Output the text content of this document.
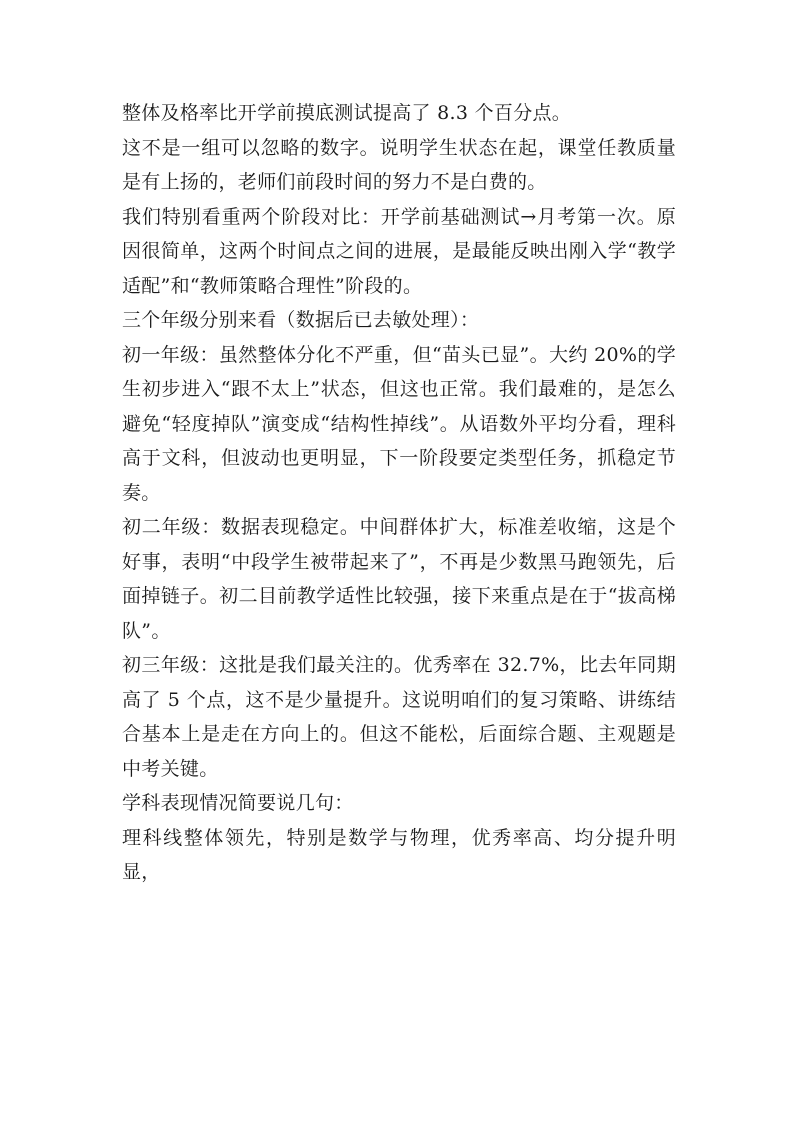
整体及格率比开学前摸底测试提高了 8.3 个百分点。

这不是一组可以忽略的数字。说明学生状态在起，课堂任教质量是有上扬的，老师们前段时间的努力不是白费的。

我们特别看重两个阶段对比：开学前基础测试→月考第一次。原因很简单，这两个时间点之间的进展，是最能反映出刚入学“教学适配”和“教师策略合理性”阶段的。

三个年级分别来看（数据后已去敏处理）：

初一年级：虽然整体分化不严重，但“苗头已显”。大约 20%的学生初步进入“跟不太上”状态，但这也正常。我们最难的，是怎么避免“轻度掉队”演变成“结构性掉线”。从语数外平均分看，理科高于文科，但波动也更明显，下一阶段要定类型任务，抓稳定节奏。

初二年级：数据表现稳定。中间群体扩大，标准差收缩，这是个好事，表明“中段学生被带起来了”，不再是少数黑马跑领先，后面掉链子。初二目前教学适性比较强，接下来重点是在于“拔高梯队”。

初三年级：这批是我们最关注的。优秀率在 32.7%，比去年同期高了 5 个点，这不是少量提升。这说明咱们的复习策略、讲练结合基本上是走在方向上的。但这不能松，后面综合题、主观题是中考关键。

学科表现情况简要说几句：

理科线整体领先，特别是数学与物理，优秀率高、均分提升明显，
